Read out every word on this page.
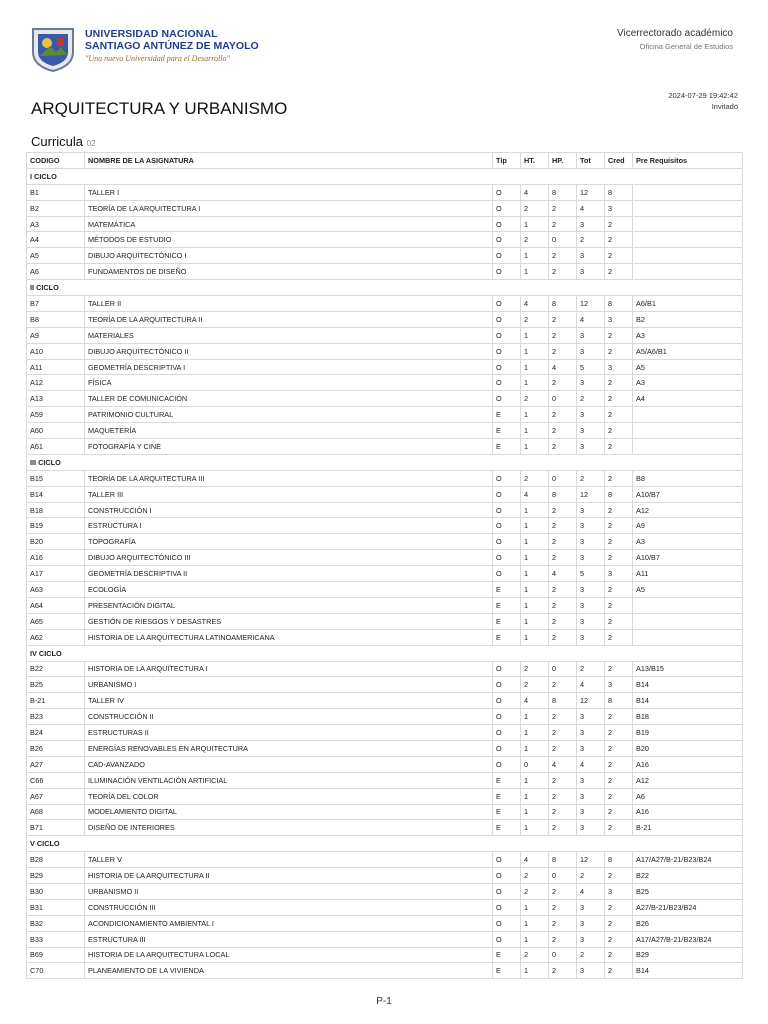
UNIVERSIDAD NACIONAL
SANTIAGO ANTÚNEZ DE MAYOLO
"Una nueva Universidad para el Desarrollo"
Vicerrectorado académico
Oficina General de Estudios
2024-07-29 19:42:42
Invitado
ARQUITECTURA Y URBANISMO
Curricula 02
CODIGO	NOMBRE DE LA ASIGNATURA	Tip	HT.	HP.	Tot	Cred	Pre Requisitos
I CICLO							
B1	TALLER I	O	4	8	12	8	
B2	TEORÍA DE LA ARQUITECTURA I	O	2	2	4	3	
A3	MATEMÁTICA	O	1	2	3	2	
A4	MÉTODOS DE ESTUDIO	O	2	0	2	2	
A5	DIBUJO ARQUITECTÓNICO I	O	1	2	3	2	
A6	FUNDAMENTOS DE DISEÑO	O	1	2	3	2	
II CICLO							
B7	TALLER II	O	4	8	12	8	A6/B1
B8	TEORÍA DE LA ARQUITECTURA II	O	2	2	4	3	B2
A9	MATERIALES	O	1	2	3	2	A3
A10	DIBUJO ARQUITECTÓNICO II	O	1	2	3	2	A5/A6/B1
A11	GEOMETRÍA DESCRIPTIVA I	O	1	4	5	3	A5
A12	FÍSICA	O	1	2	3	2	A3
A13	TALLER DE COMUNICACIÓN	O	2	0	2	2	A4
A59	PATRIMONIO CULTURAL	E	1	2	3	2	
A60	MAQUETERÍA	E	1	2	3	2	
A61	FOTOGRAFÍA Y CINE	E	1	2	3	2	
III CICLO							
B15	TEORÍA DE LA ARQUITECTURA III	O	2	0	2	2	B8
B14	TALLER III	O	4	8	12	8	A10/B7
B18	CONSTRUCCIÓN I	O	1	2	3	2	A12
B19	ESTRUCTURA I	O	1	2	3	2	A9
B20	TOPOGRAFÍA	O	1	2	3	2	A3
A16	DIBUJO ARQUITECTÓNICO III	O	1	2	3	2	A10/B7
A17	GEOMETRÍA DESCRIPTIVA II	O	1	4	5	3	A11
A63	ECOLOGÍA	E	1	2	3	2	A5
A64	PRESENTACIÓN DIGITAL	E	1	2	3	2	
A65	GESTIÓN DE RIESGOS Y DESASTRES	E	1	2	3	2	
A62	HISTORIA DE LA ARQUITECTURA LATINOAMERICANA	E	1	2	3	2	
IV CICLO							
B22	HISTORIA DE LA ARQUITECTURA I	O	2	0	2	2	A13/B15
B25	URBANISMO I	O	2	2	4	3	B14
B-21	TALLER IV	O	4	8	12	8	B14
B23	CONSTRUCCIÓN II	O	1	2	3	2	B18
B24	ESTRUCTURAS II	O	1	2	3	2	B19
B26	ENERGÍAS RENOVABLES EN ARQUITECTURA	O	1	2	3	2	B20
A27	CAD-AVANZADO	O	0	4	4	2	A16
C66	ILUMINACIÓN VENTILACIÓN ARTIFICIAL	E	1	2	3	2	A12
A67	TEORÍA DEL COLOR	E	1	2	3	2	A6
A68	MODELAMIENTO DIGITAL	E	1	2	3	2	A16
B71	DISEÑO DE INTERIORES	E	1	2	3	2	B-21
V CICLO							
B28	TALLER V	O	4	8	12	8	A17/A27/B-21/B23/B24
B29	HISTORIA DE LA ARQUITECTURA II	O	2	0	2	2	B22
B30	URBANISMO II	O	2	2	4	3	B25
B31	CONSTRUCCIÓN III	O	1	2	3	2	A27/B-21/B23/B24
B32	ACONDICIONAMIENTO AMBIENTAL I	O	1	2	3	2	B26
B33	ESTRUCTURA III	O	1	2	3	2	A17/A27/B-21/B23/B24
B69	HISTORIA DE LA ARQUITECTURA LOCAL	E	2	0	2	2	B29
C70	PLANEAMIENTO DE LA VIVIENDA	E	1	2	3	2	B14
P-1
